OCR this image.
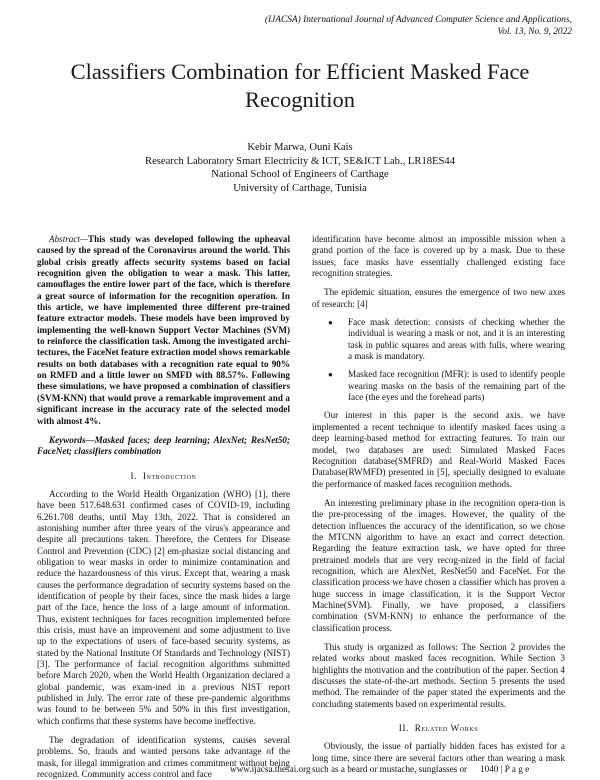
(IJACSA) International Journal of Advanced Computer Science and Applications,
Vol. 13, No. 9, 2022
Classifiers Combination for Efficient Masked Face
Recognition
Kebir Marwa, Ouni Kais
Research Laboratory Smart Electricity & ICT, SE&ICT Lab., LR18ES44
National School of Engineers of Carthage
University of Carthage, Tunisia

Abstract—This study was developed following the upheaval caused by the spread of the Coronavirus around the world. This global crisis greatly affects security systems based on facial recognition given the obligation to wear a mask. This latter, camouflages the entire lower part of the face, which is therefore a great source of information for the recognition operation. In this article, we have implemented three different pre-trained feature extractor models. These models have been improved by implementing the well-known Support Vector Machines (SVM) to reinforce the classification task. Among the investigated archi-tectures, the FaceNet feature extraction model shows remarkable results on both databases with a recognition rate equal to 90% on RMFD and a little lower on SMFD with 88.57%. Following these simulations, we have proposed a combination of classifiers (SVM-KNN) that would prove a remarkable improvement and a significant increase in the accuracy rate of the selected model with almost 4%.

Keywords—Masked faces; deep learning; AlexNet; ResNet50; FaceNet; classifiers combination

I. Introduction

According to the World Health Organization (WHO) [1], there have been 517.648.631 confirmed cases of COVID-19, including 6.261.708 deaths, until May 13th, 2022. That is considered an astonishing number after three years of the virus's appearance and despite all precautions taken. Therefore, the Centers for Disease Control and Prevention (CDC) [2] em-phasize social distancing and obligation to wear masks in order to minimize contamination and reduce the hazardousness of this virus. Except that, wearing a mask causes the performance degradation of security systems based on the identification of people by their faces, since the mask hides a large part of the face, hence the loss of a large amount of information. Thus, existent techniques for faces recognition implemented before this crisis, must have an improvement and some adjustment to live up to the expectations of users of face-based security systems, as stated by the National Institute Of Standards and Technology (NIST) [3]. The performance of facial recognition algorithms submitted before March 2020, when the World Health Organization declared a global pandemic, was exam-ined in a previous NIST report published in July. The error rate of these pre-pandemic algorithms was found to be between 5% and 50% in this first investigation, which confirms that these systems have become ineffective.

The degradation of identification systems, causes several problems. So, frauds and wanted persons take advantage of the mask, for illegal immigration and crimes commitment without being recognized. Community access control and face

identification have become almost an impossible mission when a grand portion of the face is covered up by a mask. Due to these issues, face masks have essentially challenged existing face recognition strategies.

The epidemic situation, ensures the emergence of two new axes of research: [4]

● Face mask detection: consists of checking whether the individual is wearing a mask or not, and it is an interesting task in public squares and areas with fulls, where wearing a mask is mandatory.
● Masked face recognition (MFR): is used to identify people wearing masks on the basis of the remaining part of the face (the eyes and the forehead parts)

Our interest in this paper is the second axis. we have implemented a recent technique to identify masked faces using a deep learning-based method for extracting features. To train our model, two databases are used: Simulated Masked Faces Recognition database(SMFRD) and Real-World Masked Faces Database(RWMFD) presented in [5], specially designed to evaluate the performance of masked faces recognition methods.

An interesting preliminary phase in the recognition opera-tion is the pre-processing of the images. However, the quality of the detection influences the accuracy of the identification, so we chose the MTCNN algorithm to have an exact and correct detection. Regarding the feature extraction task, we have opted for three pretrained models that are very recog-nized in the field of facial recognition, which are AlexNet, ResNet50 and FaceNet. For the classification process we have chosen a classifier which has proven a huge success in image classification, it is the Support Vector Machine(SVM). Finally, we have proposed, a classifiers combination (SVM-KNN) to enhance the performance of the classification process.

This study is organized as follows: The Section 2 provides the related works about masked faces recognition. While Section 3 highlights the motivation and the contribution of the paper. Section 4 discusses the state-of-the-art methods. Section 5 presents the used method. The remainder of the paper stated the experiments and the concluding statements based on experimental results.

II. Related Works

Obviously, the issue of partially hidden faces has existed for a long time, since there are several factors other than wearing a mask such as a beard or mustache, sunglasses or

www.ijacsa.thesai.org	1040 | P a g e
